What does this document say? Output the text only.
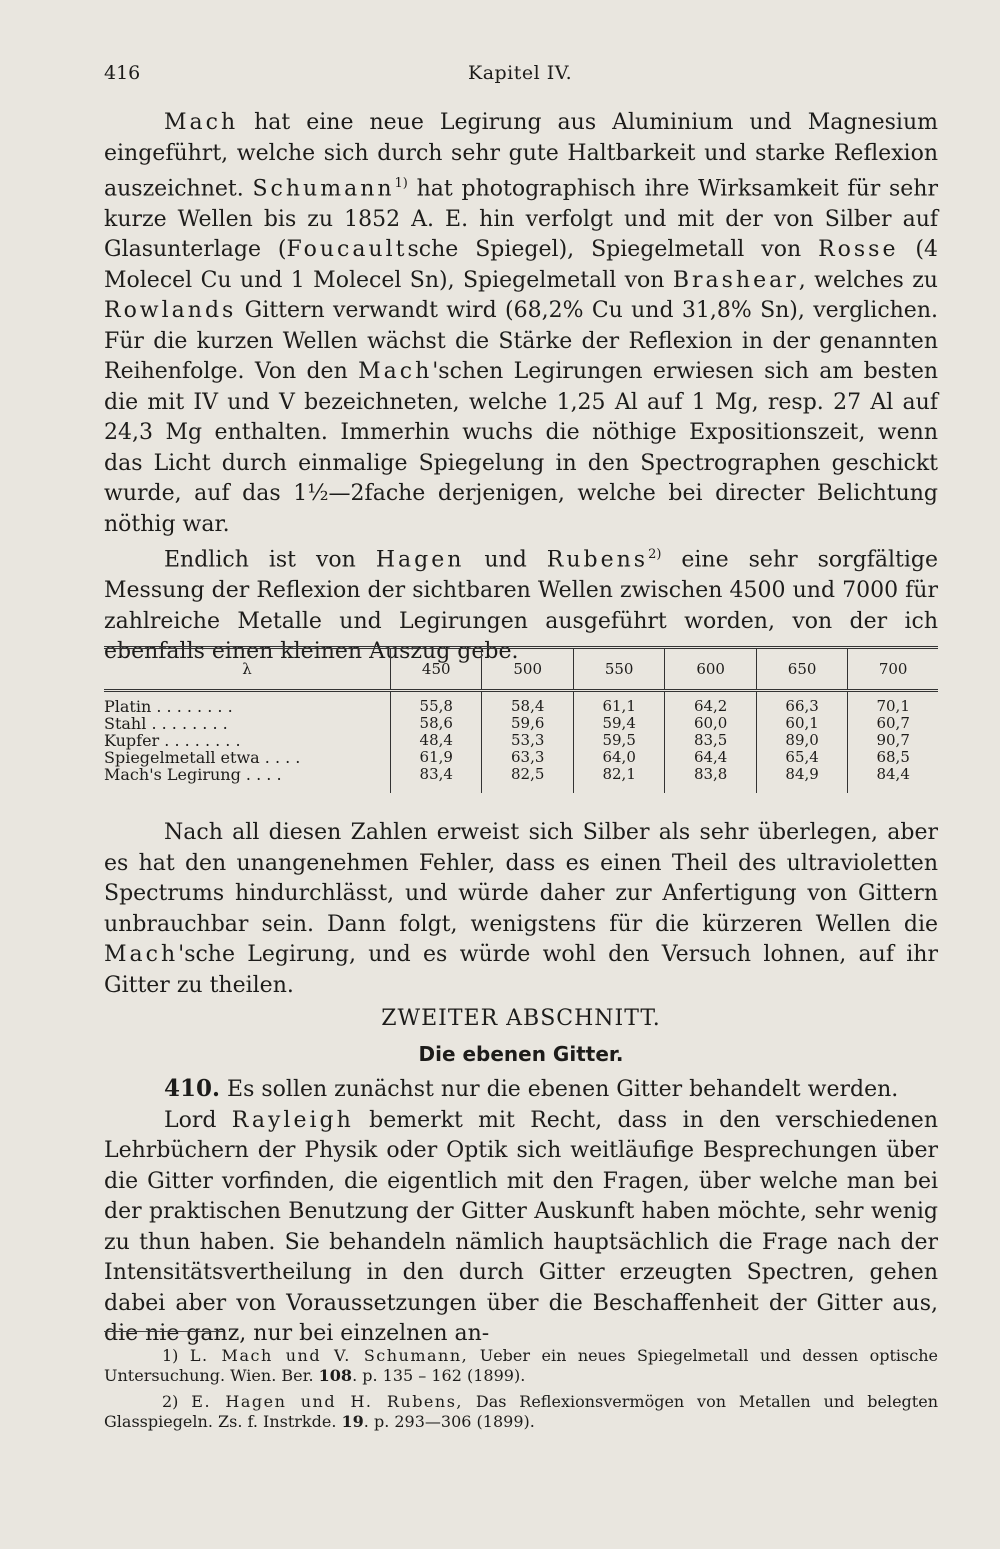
416	Kapitel IV.

Mach hat eine neue Legirung aus Aluminium und Magnesium eingeführt, welche sich durch sehr gute Haltbarkeit und starke Reflexion auszeichnet. Schumann$^{1)}$ hat photographisch ihre Wirksamkeit für sehr kurze Wellen bis zu 1852 A. E. hin verfolgt und mit der von Silber auf Glasunterlage (Foucaultsche Spiegel), Spiegelmetall von Rosse (4 Molecel Cu und 1 Molecel Sn), Spiegelmetall von Brashear, welches zu Rowlands Gittern verwandt wird (68,2% Cu und 31,8% Sn), verglichen. Für die kurzen Wellen wächst die Stärke der Reflexion in der genannten Reihenfolge. Von den Mach'schen Legirungen erwiesen sich am besten die mit IV und V bezeichneten, welche 1,25 Al auf 1 Mg, resp. 27 Al auf 24,3 Mg enthalten. Immerhin wuchs die nöthige Expositionszeit, wenn das Licht durch einmalige Spiegelung in den Spectrographen geschickt wurde, auf das 1½—2fache derjenigen, welche bei directer Belichtung nöthig war.

Endlich ist von Hagen und Rubens$^{2)}$ eine sehr sorgfältige Messung der Reflexion der sichtbaren Wellen zwischen 4500 und 7000 für zahlreiche Metalle und Legirungen ausgeführt worden, von der ich ebenfalls einen kleinen Auszug gebe.

λ	450	500	550	600	650	700
Platin . . . . . . . .	55,8	58,4	61,1	64,2	66,3	70,1
Stahl . . . . . . . .	58,6	59,6	59,4	60,0	60,1	60,7
Kupfer . . . . . . . .	48,4	53,3	59,5	83,5	89,0	90,7
Spiegelmetall etwa . . . .	61,9	63,3	64,0	64,4	65,4	68,5
Mach's Legirung . . . .	83,4	82,5	82,1	83,8	84,9	84,4

Nach all diesen Zahlen erweist sich Silber als sehr überlegen, aber es hat den unangenehmen Fehler, dass es einen Theil des ultravioletten Spectrums hindurchlässt, und würde daher zur Anfertigung von Gittern unbrauchbar sein. Dann folgt, wenigstens für die kürzeren Wellen die Mach'sche Legirung, und es würde wohl den Versuch lohnen, auf ihr Gitter zu theilen.

ZWEITER ABSCHNITT.
Die ebenen Gitter.

410. Es sollen zunächst nur die ebenen Gitter behandelt werden.

Lord Rayleigh bemerkt mit Recht, dass in den verschiedenen Lehrbüchern der Physik oder Optik sich weitläufige Besprechungen über die Gitter vorfinden, die eigentlich mit den Fragen, über welche man bei der praktischen Benutzung der Gitter Auskunft haben möchte, sehr wenig zu thun haben. Sie behandeln nämlich hauptsächlich die Frage nach der Intensitätsvertheilung in den durch Gitter erzeugten Spectren, gehen dabei aber von Voraussetzungen über die Beschaffenheit der Gitter aus, die nie ganz, nur bei einzelnen an-

1) L. Mach und V. Schumann, Ueber ein neues Spiegelmetall und dessen optische Untersuchung. Wien. Ber. 108. p. 135 – 162 (1899).

2) E. Hagen und H. Rubens, Das Reflexionsvermögen von Metallen und belegten Glasspiegeln. Zs. f. Instrkde. 19. p. 293—306 (1899).
